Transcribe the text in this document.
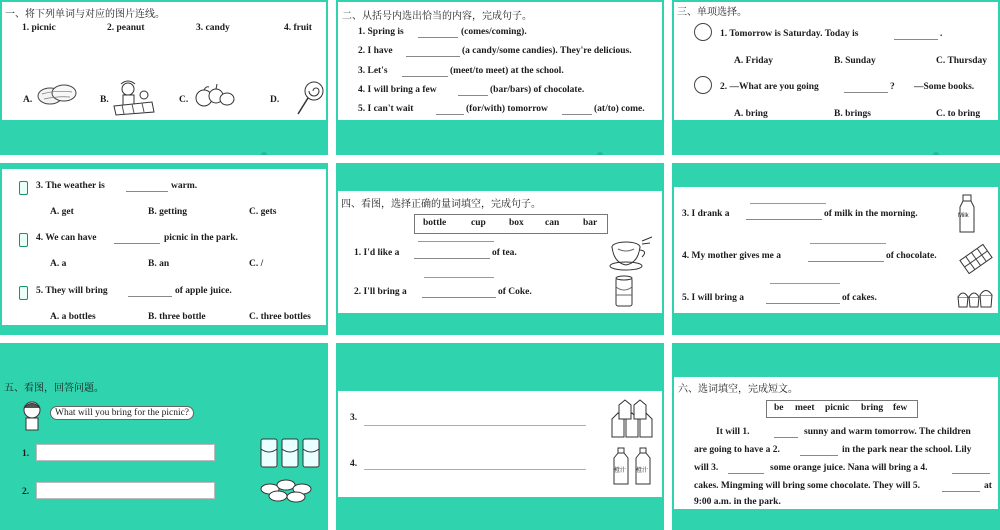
一、将下列单词与对应的图片连线。
1. picnic	2. peanut	3. candy	4. fruit
A.	B.	C.	D.
二、从括号内选出恰当的内容，完成句子。
1. Spring is	(comes/coming).
2. I have	(a candy/some candies). They're delicious.
3. Let's	(meet/to meet) at the school.
4. I will bring a few	(bar/bars) of chocolate.
5. I can't wait	(for/with) tomorrow	(at/to) come.
三、单项选择。
1. Tomorrow is Saturday. Today is	.
A. Friday	B. Sunday	C. Thursday
2. —What are you going	? —Some books.
A. bring	B. brings	C. to bring
3. The weather is	warm.
A. get	B. getting	C. gets
4. We can have	picnic in the park.
A. a	B. an	C. /
5. They will bring	of apple juice.
A. a bottles	B. three bottle	C. three bottles
四、看图，选择正确的量词填空，完成句子。
bottle	cup box can	bar
1. I'd like a	of tea.
2. I'll bring a	of Coke.
3. I drank a	of milk in the morning.	Milk
4. My mother gives me a	of chocolate.
5. I will bring a	of cakes.
五、看图，回答问题。
What will you bring for the picnic?
1.
2.
3.
4.
橙汁 橙汁
六、选词填空，完成短文。
be meet picnic bring few
It will 1.	sunny and warm tomorrow. The children
are going to have a 2.	in the park near the school. Lily
will 3.	some orange juice. Nana will bring a 4.
cakes. Mingming will bring some chocolate. They will 5.	at
9:00 a.m. in the park.
